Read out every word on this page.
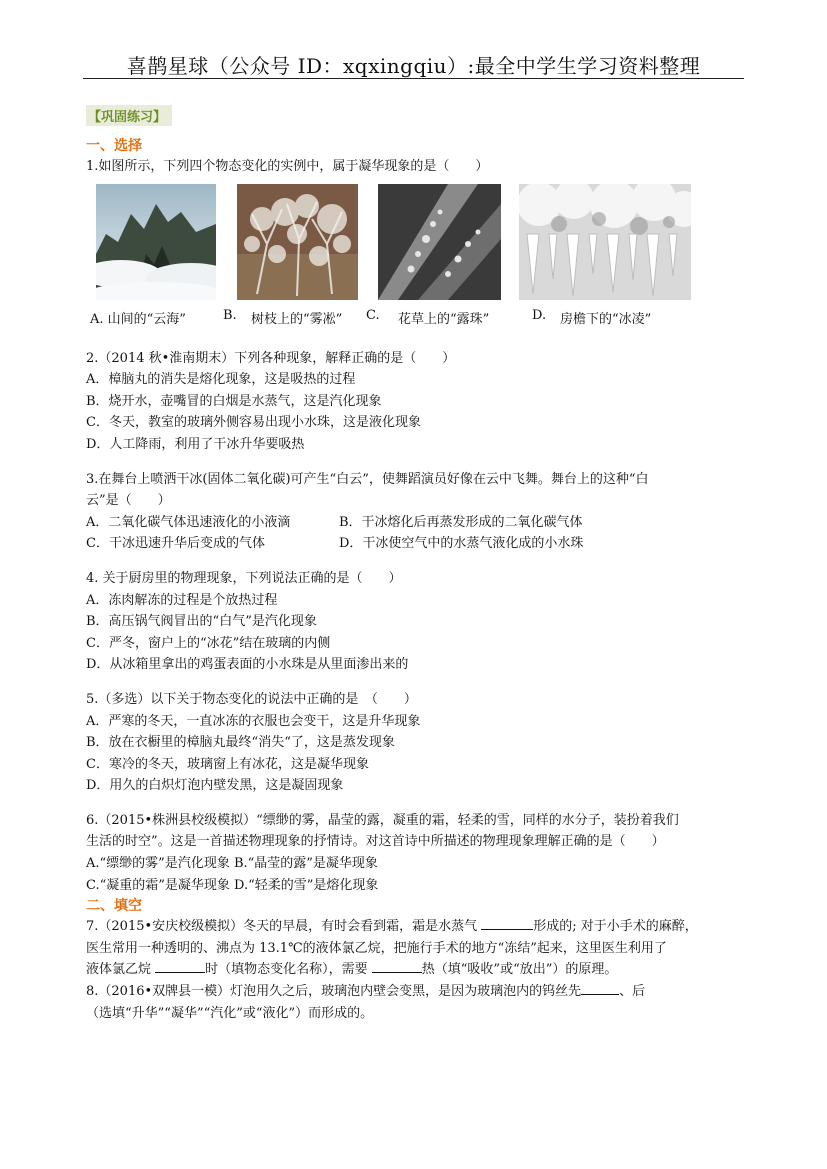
喜鹊星球（公众号 ID：xqxingqiu）:最全中学生学习资料整理
【巩固练习】
一、选择
1.如图所示，下列四个物态变化的实例中，属于凝华现象的是（　　）
A. 山间的“云海”	B. 树枝上的“雾凇” C. 花草上的“露珠”	D. 房檐下的“冰凌”
2.（2014 秋•淮南期末）下列各种现象，解释正确的是（　　）
A．樟脑丸的消失是熔化现象，这是吸热的过程
B．烧开水，壶嘴冒的白烟是水蒸气，这是汽化现象
C．冬天，教室的玻璃外侧容易出现小水珠，这是液化现象
D．人工降雨，利用了干冰升华要吸热
3.在舞台上喷洒干冰(固体二氧化碳)可产生“白云”，使舞蹈演员好像在云中飞舞。舞台上的这种“白
云”是（　　）
A．二氧化碳气体迅速液化的小液滴	B．干冰熔化后再蒸发形成的二氧化碳气体
C．干冰迅速升华后变成的气体	D．干冰使空气中的水蒸气液化成的小水珠
4. 关于厨房里的物理现象，下列说法正确的是（　　）
A．冻肉解冻的过程是个放热过程
B．高压锅气阀冒出的“白气”是汽化现象
C．严冬，窗户上的“冰花”结在玻璃的内侧
D．从冰箱里拿出的鸡蛋表面的小水珠是从里面渗出来的
5.（多选）以下关于物态变化的说法中正确的是　（　　）
A．严寒的冬天，一直冰冻的衣服也会变干，这是升华现象
B．放在衣橱里的樟脑丸最终“消失“了，这是蒸发现象
C．寒冷的冬天，玻璃窗上有冰花，这是凝华现象
D．用久的白炽灯泡内壁发黑，这是凝固现象
6.（2015•株洲县校级模拟）“缥缈的雾，晶莹的露，凝重的霜，轻柔的雪，同样的水分子，装扮着我们
生活的时空”。这是一首描述物理现象的抒情诗。对这首诗中所描述的物理现象理解正确的是（　　）
A.“缥缈的雾”是汽化现象 B.“晶莹的露”是凝华现象
C.“凝重的霜”是凝华现象 D.“轻柔的雪”是熔化现象
二、填空
7.（2015•安庆校级模拟）冬天的早晨，有时会看到霜，霜是水蒸气	形成的; 对于小手术的麻醉，
医生常用一种透明的、沸点为 13.1℃的液体氯乙烷，把施行手术的地方“冻结”起来，这里医生利用了
液体氯乙烷	时（填物态变化名称），需要	热（填“吸收”或“放出”）的原理。
8.（2016•双牌县一模）灯泡用久之后，玻璃泡内壁会变黑，是因为玻璃泡内的钨丝先	、后
（选填“升华”“凝华”“汽化”或“液化”）而形成的。
